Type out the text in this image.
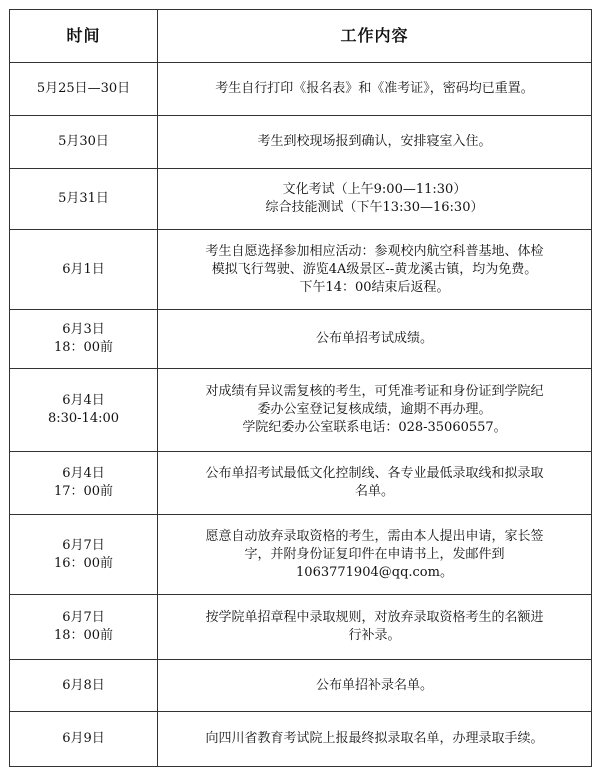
时间	工作内容

5月25日—30日	考生自行打印《报名表》和《准考证》，密码均已重置。

5月30日	考生到校现场报到确认，安排寝室入住。

5月31日	文化考试（上午9:00—11:30）
综合技能测试（下午13:30—16:30）

6月1日	考生自愿选择参加相应活动：参观校内航空科普基地、体检
模拟飞行驾驶、游览4A级景区--黄龙溪古镇，均为免费。
下午14：00结束后返程。

6月3日
18：00前	公布单招考试成绩。

6月4日
8:30-14:00	对成绩有异议需复核的考生，可凭准考证和身份证到学院纪
委办公室登记复核成绩，逾期不再办理。
学院纪委办公室联系电话：028-35060557。

6月4日
17：00前	公布单招考试最低文化控制线、各专业最低录取线和拟录取
名单。

6月7日
16：00前	愿意自动放弃录取资格的考生，需由本人提出申请，家长签
字，并附身份证复印件在申请书上，发邮件到
1063771904@qq.com。

6月7日
18：00前	按学院单招章程中录取规则，对放弃录取资格考生的名额进
行补录。

6月8日	公布单招补录名单。

6月9日	向四川省教育考试院上报最终拟录取名单，办理录取手续。
